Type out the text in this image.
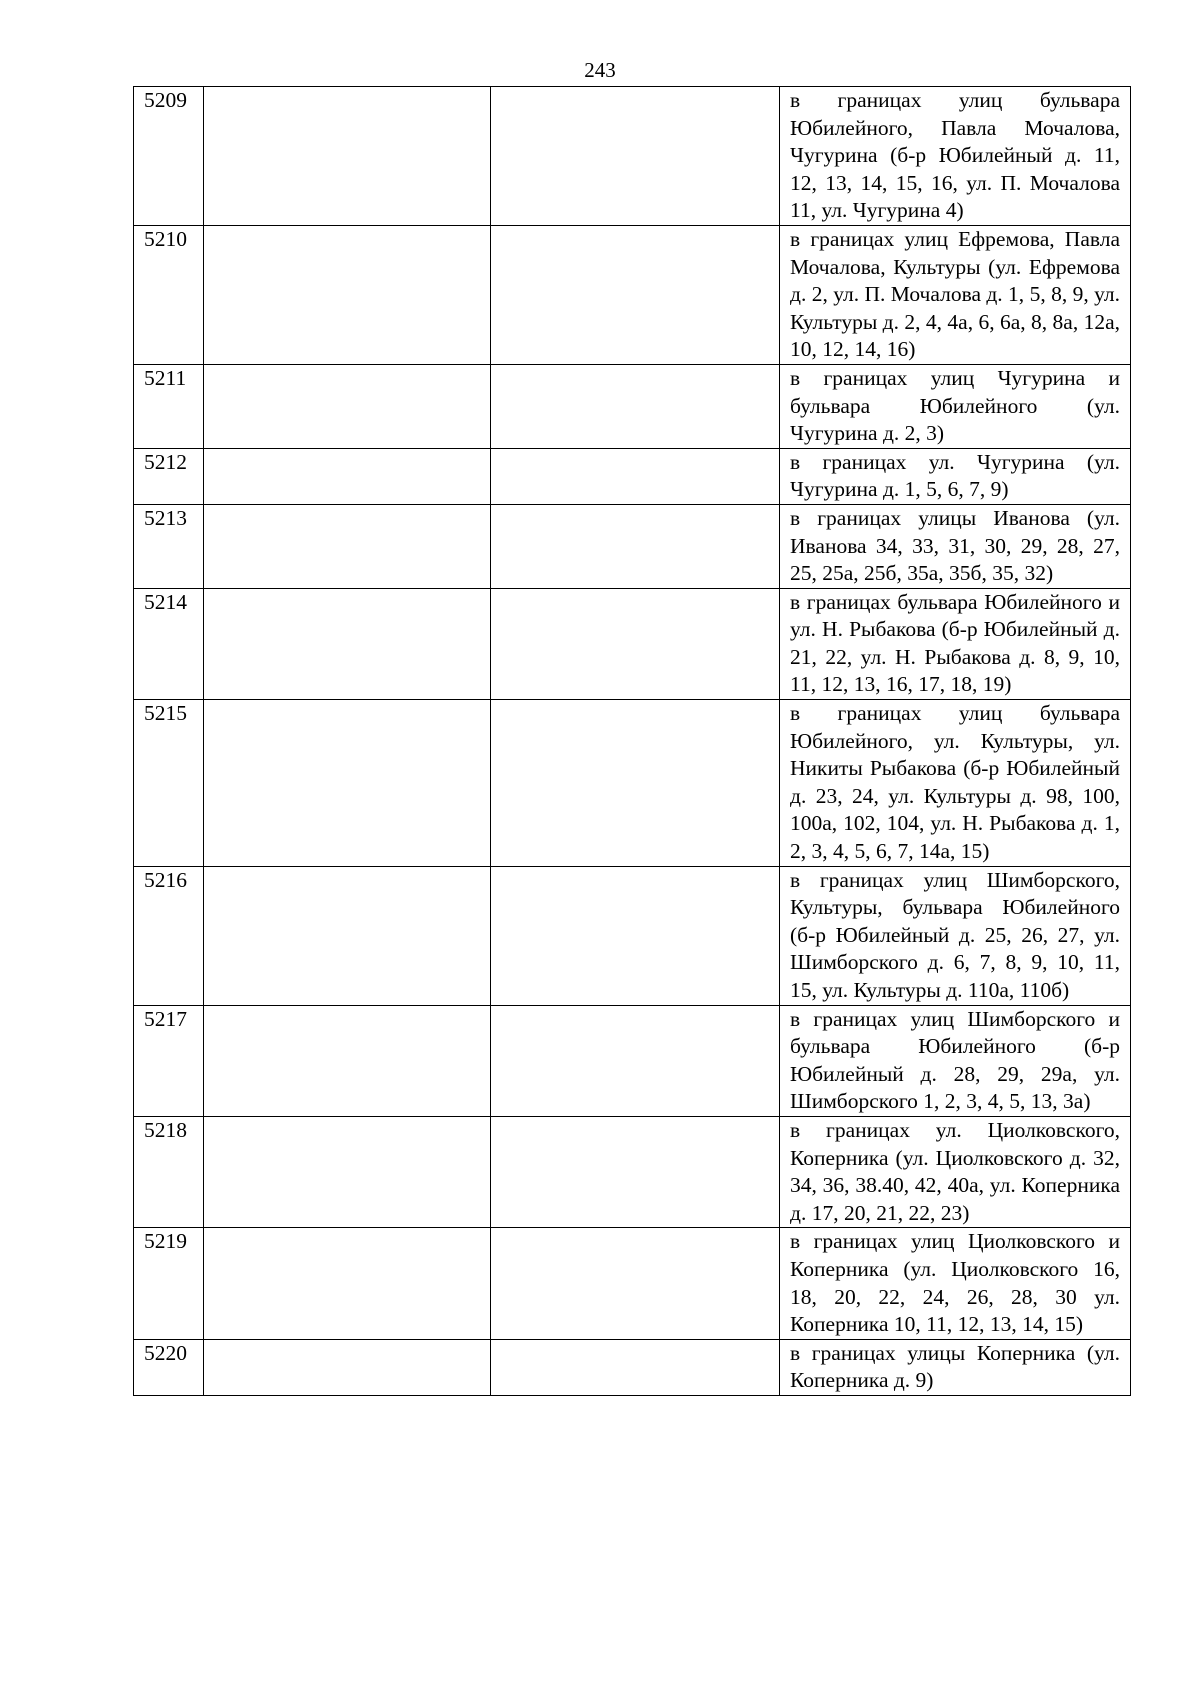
243
5209			в границах улиц бульвара Юбилейного, Павла Мочалова, Чугурина (б-р Юбилейный д. 11, 12, 13, 14, 15, 16, ул. П. Мочалова 11, ул. Чугурина 4)
5210			в границах улиц Ефремова, Павла Мочалова, Культуры (ул. Ефремова д. 2, ул. П. Мочалова д. 1, 5, 8, 9, ул. Культуры д. 2, 4, 4а, 6, 6а, 8, 8а, 12а, 10, 12, 14, 16)
5211			в границах улиц Чугурина и бульвара Юбилейного (ул. Чугурина д. 2, 3)
5212			в границах ул. Чугурина (ул. Чугурина д. 1, 5, 6, 7, 9)
5213			в границах улицы Иванова (ул. Иванова 34, 33, 31, 30, 29, 28, 27, 25, 25а, 25б, 35а, 35б, 35, 32)
5214			в границах бульвара Юбилейного и ул. Н. Рыбакова (б-р Юбилейный д. 21, 22, ул. Н. Рыбакова д. 8, 9, 10, 11, 12, 13, 16, 17, 18, 19)
5215			в границах улиц бульвара Юбилейного, ул. Культуры, ул. Никиты Рыбакова (б-р Юбилейный д. 23, 24, ул. Культуры д. 98, 100, 100а, 102, 104, ул. Н. Рыбакова д. 1, 2, 3, 4, 5, 6, 7, 14а, 15)
5216			в границах улиц Шимборского, Культуры, бульвара Юбилейного (б-р Юбилейный д. 25, 26, 27, ул. Шимборского д. 6, 7, 8, 9, 10, 11, 15, ул. Культуры д. 110а, 110б)
5217			в границах улиц Шимборского и бульвара Юбилейного (б-р Юбилейный д. 28, 29, 29а, ул. Шимборского 1, 2, 3, 4, 5, 13, 3а)
5218			в границах ул. Циолковского, Коперника (ул. Циолковского д. 32, 34, 36, 38.40, 42, 40а, ул. Коперника д. 17, 20, 21, 22, 23)
5219			в границах улиц Циолковского и Коперника (ул. Циолковского 16, 18, 20, 22, 24, 26, 28, 30 ул. Коперника 10, 11, 12, 13, 14, 15)
5220			в границах улицы Коперника (ул. Коперника д. 9)
